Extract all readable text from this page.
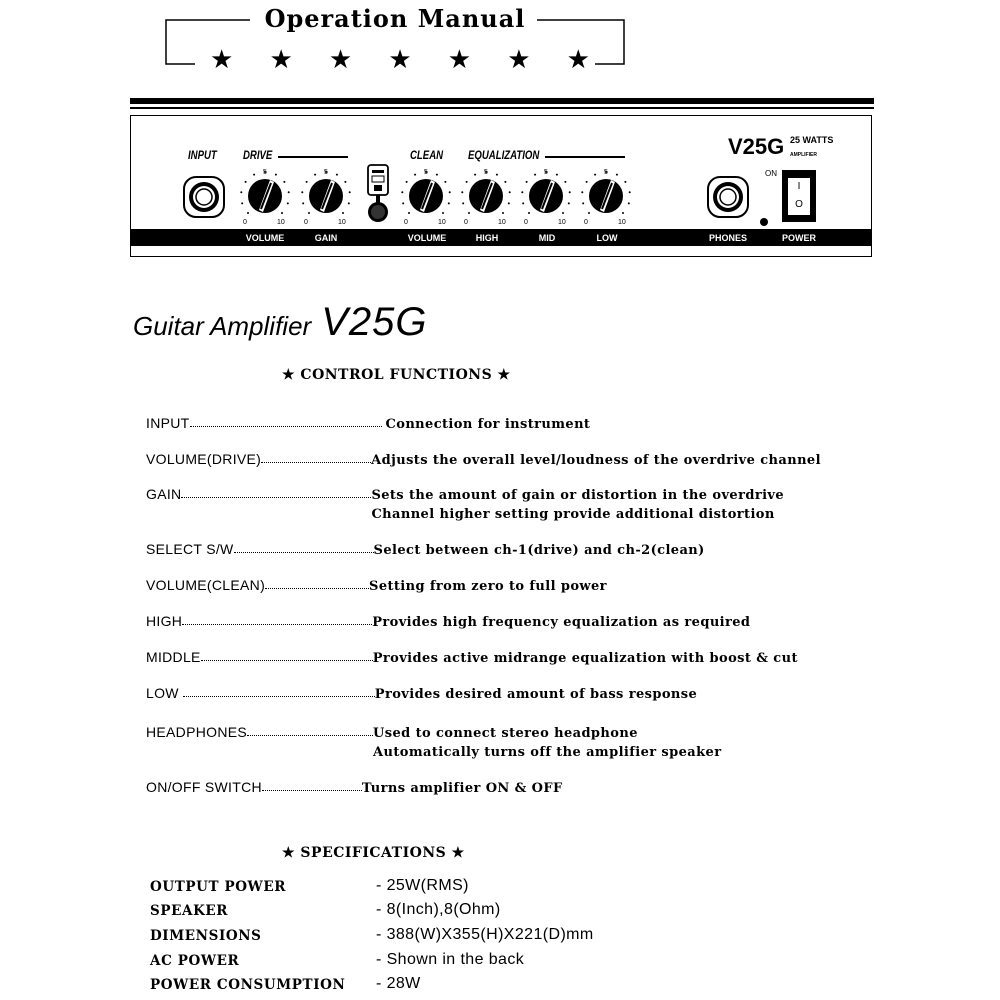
Operation Manual
★ ★ ★ ★ ★ ★ ★
INPUT DRIVE	CLEAN EQUALIZATION
5
0	10
5
0	10
5
0	10
5
0	10
5
0	10
5
0	10
V25G 25 WATTS
AMPLIFIER
ON
I
O
VOLUME	GAIN	VOLUME	HIGH	MID	LOW	PHONES	POWER
Guitar Amplifier V25G
★ CONTROL FUNCTIONS ★
INPUT	Connection for instrument
VOLUME(DRIVE)	Adjusts the overall level/loudness of the overdrive channel
GAIN	Sets the amount of gain or distortion in the overdrive
Channel higher setting provide additional distortion
SELECT S/W	Select between ch-1(drive) and ch-2(clean)
VOLUME(CLEAN)	Setting from zero to full power
HIGH	Provides high frequency equalization as required
MIDDLE	Provides active midrange equalization with boost & cut
LOW	Provides desired amount of bass response
HEADPHONES	Used to connect stereo headphone
Automatically turns off the amplifier speaker
ON/OFF SWITCH	Turns amplifier ON & OFF
★ SPECIFICATIONS ★
OUTPUT POWER	- 25W(RMS)
SPEAKER	- 8(Inch),8(Ohm)
DIMENSIONS	- 388(W)X355(H)X221(D)mm
AC POWER	- Shown in the back
POWER CONSUMPTION	- 28W
